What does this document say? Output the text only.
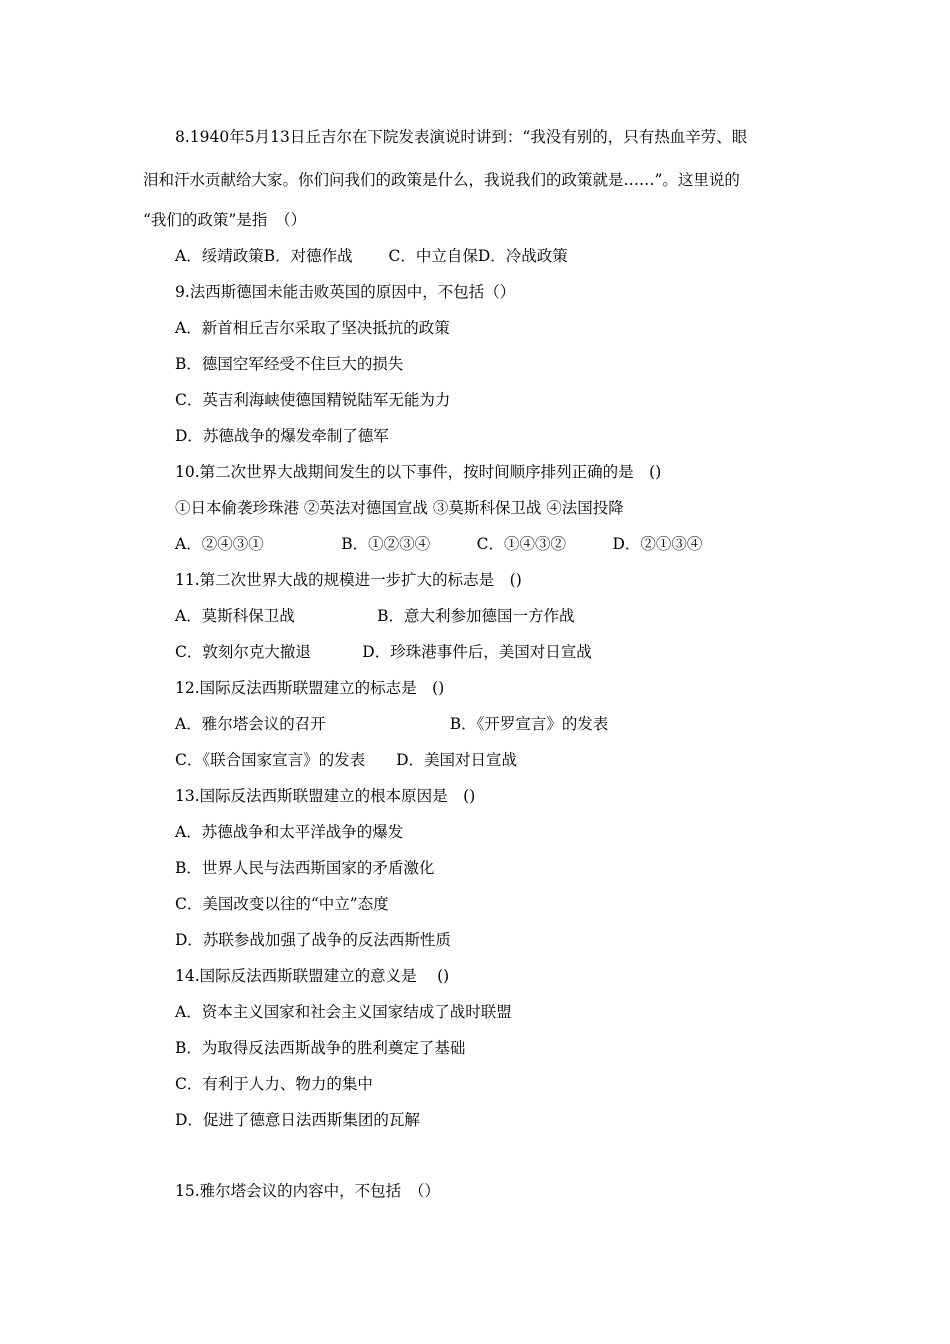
8.1940年5月13日丘吉尔在下院发表演说时讲到：“我没有别的，只有热血辛劳、眼
泪和汗水贡献给大家。你们问我们的政策是什么，我说我们的政策就是……”。这里说的
“我们的政策”是指　（）
A．绥靖政策B．对德作战　　 C．中立自保D．冷战政策
9.法西斯德国未能击败英国的原因中，不包括（）
A．新首相丘吉尔采取了坚决抵抗的政策
B．德国空军经受不住巨大的损失
C．英吉利海峡使德国精锐陆军无能为力
D．苏德战争的爆发牵制了德军
10.第二次世界大战期间发生的以下事件，按时间顺序排列正确的是　()
①日本偷袭珍珠港 ②英法对德国宣战 ③莫斯科保卫战 ④法国投降
A．②④③①　　　　　B．①②③④　　　C．①④③②　　　D．②①③④
11.第二次世界大战的规模进一步扩大的标志是　()
A．莫斯科保卫战　　　　　 B．意大利参加德国一方作战
C．敦刻尔克大撤退　　　 D．珍珠港事件后，美国对日宣战
12.国际反法西斯联盟建立的标志是　()
A．雅尔塔会议的召开　　　　　　　　B．《开罗宣言》的发表
C．《联合国家宣言》的发表　　D．美国对日宣战
13.国际反法西斯联盟建立的根本原因是　()
A．苏德战争和太平洋战争的爆发
B．世界人民与法西斯国家的矛盾激化
C．美国改变以往的“中立”态度
D．苏联参战加强了战争的反法西斯性质
14.国际反法西斯联盟建立的意义是　 ()
A．资本主义国家和社会主义国家结成了战时联盟
B．为取得反法西斯战争的胜利奠定了基础
C．有利于人力、物力的集中
D．促进了德意日法西斯集团的瓦解
15.雅尔塔会议的内容中，不包括　（）
